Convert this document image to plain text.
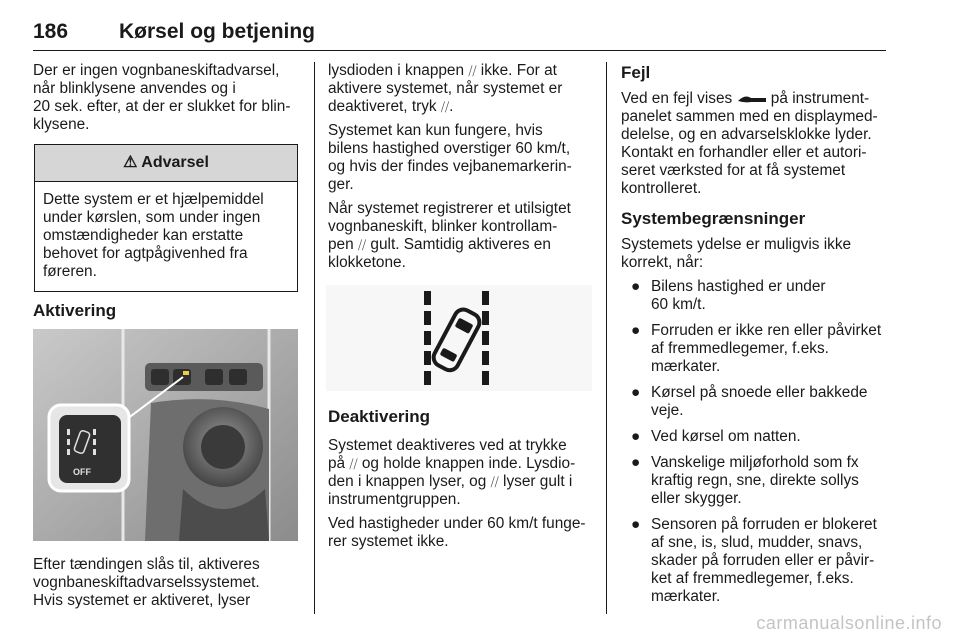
186 Kørsel og betjening

Der er ingen vognbaneskiftadvarsel,
når blinklysene anvendes og i
20 sek. efter, at der er slukket for blin-
klysene.

⚠ Advarsel
Dette system er et hjælpemiddel
under kørslen, som under ingen
omstændigheder kan erstatte
behovet for agtpågivenhed fra
føreren.
Aktivering
OFF
Efter tændingen slås til, aktiveres
vognbaneskiftadvarselssystemet.
Hvis systemet er aktiveret, lyser

lysdioden i knappen ⧸⧸ ikke. For at
aktivere systemet, når systemet er
deaktiveret, tryk ⧸⧸.

Systemet kan kun fungere, hvis
bilens hastighed overstiger 60 km/t,
og hvis der findes vejbanemarkerin-
ger.

Når systemet registrerer et utilsigtet
vognbaneskift, blinker kontrollam-
pen ⧸⧸ gult. Samtidig aktiveres en
klokketone.

Deaktivering

Systemet deaktiveres ved at trykke
på ⧸⧸ og holde knappen inde. Lysdio-
den i knappen lyser, og ⧸⧸ lyser gult i
instrumentgruppen.

Ved hastigheder under 60 km/t funge-
rer systemet ikke.

Fejl

Ved en fejl vises	på instrument-
panelet sammen med en displaymed-
delelse, og en advarselsklokke lyder.
Kontakt en forhandler eller et autori-
seret værksted for at få systemet
kontrolleret.

Systembegrænsninger

Systemets ydelse er muligvis ikke
korrekt, når:

● Bilens hastighed er under
60 km/t.
● Forruden er ikke ren eller påvirket
af fremmedlegemer, f.eks.
mærkater.
● Kørsel på snoede eller bakkede
veje.
● Ved kørsel om natten.
● Vanskelige miljøforhold som fx
kraftig regn, sne, direkte sollys
eller skygger.
● Sensoren på forruden er blokeret
af sne, is, slud, mudder, snavs,
skader på forruden eller er påvir-
ket af fremmedlegemer, f.eks.
mærkater.
carmanualsonline.info
